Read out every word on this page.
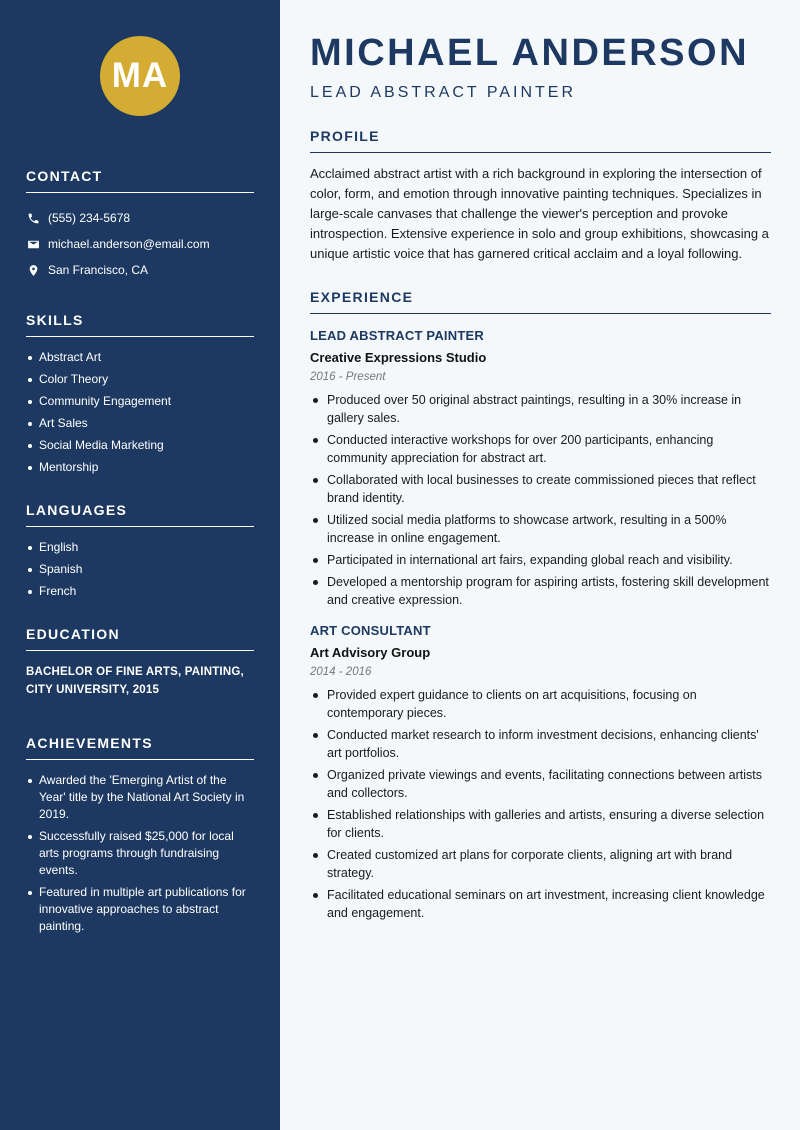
MA
CONTACT
(555) 234-5678
michael.anderson@email.com
San Francisco, CA
SKILLS
Abstract Art
Color Theory
Community Engagement
Art Sales
Social Media Marketing
Mentorship
LANGUAGES
English
Spanish
French
EDUCATION
BACHELOR OF FINE ARTS, PAINTING,
CITY UNIVERSITY, 2015
ACHIEVEMENTS
Awarded the 'Emerging Artist of the Year' title by the National Art Society in 2019.
Successfully raised $25,000 for local arts programs through fundraising events.
Featured in multiple art publications for innovative approaches to abstract painting.
MICHAEL ANDERSON
LEAD ABSTRACT PAINTER
PROFILE

Acclaimed abstract artist with a rich background in exploring the intersection of color, form, and emotion through innovative painting techniques. Specializes in large-scale canvases that challenge the viewer's perception and provoke introspection. Extensive experience in solo and group exhibitions, showcasing a unique artistic voice that has garnered critical acclaim and a loyal following.

EXPERIENCE
LEAD ABSTRACT PAINTER
Creative Expressions Studio
2016 - Present
Produced over 50 original abstract paintings, resulting in a 30% increase in gallery sales.
Conducted interactive workshops for over 200 participants, enhancing community appreciation for abstract art.
Collaborated with local businesses to create commissioned pieces that reflect brand identity.
Utilized social media platforms to showcase artwork, resulting in a 500% increase in online engagement.
Participated in international art fairs, expanding global reach and visibility.
Developed a mentorship program for aspiring artists, fostering skill development and creative expression.
ART CONSULTANT
Art Advisory Group
2014 - 2016
Provided expert guidance to clients on art acquisitions, focusing on contemporary pieces.
Conducted market research to inform investment decisions, enhancing clients' art portfolios.
Organized private viewings and events, facilitating connections between artists and collectors.
Established relationships with galleries and artists, ensuring a diverse selection for clients.
Created customized art plans for corporate clients, aligning art with brand strategy.
Facilitated educational seminars on art investment, increasing client knowledge and engagement.
